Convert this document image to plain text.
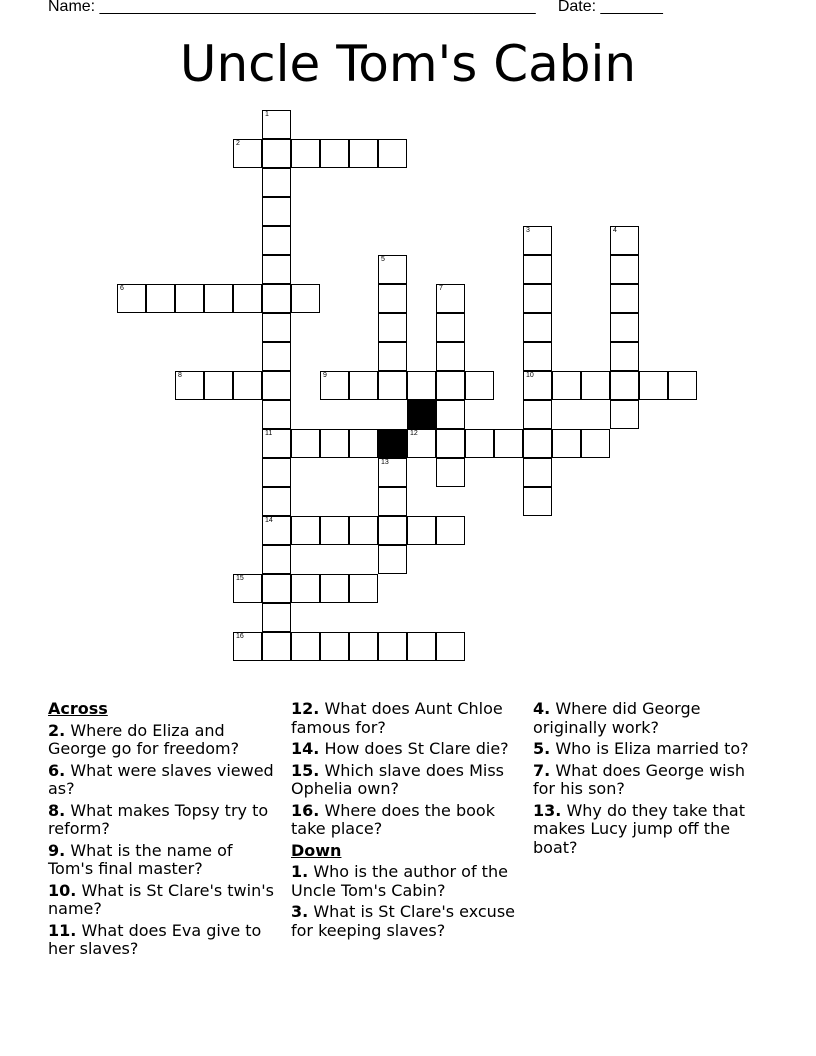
Name: _________________________________________________ Date: _______
Uncle Tom's Cabin
1
11
14
2
3
10
4
5
6	7
8	9
12
13
15
16
Across
2. Where do Eliza and George go for freedom?
6. What were slaves viewed as?
8. What makes Topsy try to reform?
9. What is the name of Tom's final master?
10. What is St Clare's twin's name?
11. What does Eva give to her slaves?
12. What does Aunt Chloe famous for?
14. How does St Clare die?
15. Which slave does Miss Ophelia own?
16. Where does the book take place?
Down
1. Who is the author of the Uncle Tom's Cabin?
3. What is St Clare's excuse for keeping slaves?
4. Where did George originally work?
5. Who is Eliza married to?
7. What does George wish for his son?
13. Why do they take that makes Lucy jump off the boat?
